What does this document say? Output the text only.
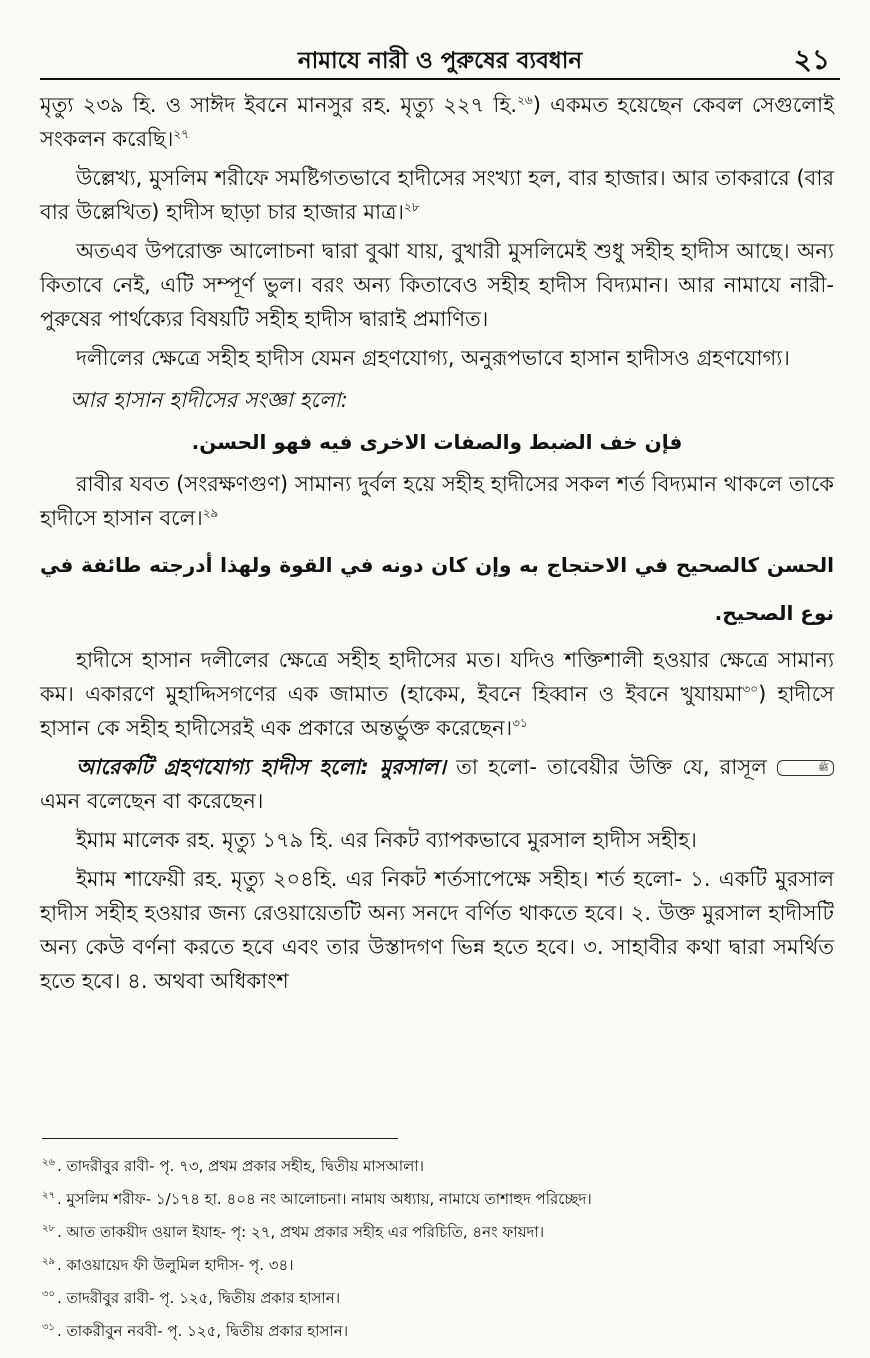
নামাযে নারী ও পুরুষের ব্যবধান	২১

মৃত্যু ২৩৯ হি. ও সাঈদ ইবনে মানসুর রহ. মৃত্যু ২২৭ হি.$^{২৬}$) একমত হয়েছেন কেবল সেগুলোই সংকলন করেছি।$^{২৭}$

উল্লেখ্য, মুসলিম শরীফে সমষ্টিগতভাবে হাদীসের সংখ্যা হল, বার হাজার। আর তাকরারে (বার বার উল্লেখিত) হাদীস ছাড়া চার হাজার মাত্র।$^{২৮}$

অতএব উপরোক্ত আলোচনা দ্বারা বুঝা যায়, বুখারী মুসলিমেই শুধু সহীহ হাদীস আছে। অন্য কিতাবে নেই, এটি সম্পূর্ণ ভুল। বরং অন্য কিতাবেও সহীহ হাদীস বিদ্যমান। আর নামাযে নারী-পুরুষের পার্থক্যের বিষয়টি সহীহ হাদীস দ্বারাই প্রমাণিত।

দলীলের ক্ষেত্রে সহীহ হাদীস যেমন গ্রহণযোগ্য, অনুরূপভাবে হাসান হাদীসও গ্রহণযোগ্য।

আর হাসান হাদীসের সংজ্ঞা হলো:

فإن خف الضبط والصفات الاخرى فيه فهو الحسن.

রাবীর যবত (সংরক্ষণগুণ) সামান্য দুর্বল হয়ে সহীহ হাদীসের সকল শর্ত বিদ্যমান থাকলে তাকে হাদীসে হাসান বলে।$^{২৯}$

الحسن كالصحيح في الاحتجاج به وإن كان دونه في القوة ولهذا أدرجته طائفة في نوع الصحيح.

হাদীসে হাসান দলীলের ক্ষেত্রে সহীহ হাদীসের মত। যদিও শক্তিশালী হওয়ার ক্ষেত্রে সামান্য কম। একারণে মুহাদ্দিসগণের এক জামাত (হাকেম, ইবনে হিব্বান ও ইবনে খুযায়মা$^{৩০}$) হাদীসে হাসান কে সহীহ হাদীসেরই এক প্রকারে অন্তর্ভুক্ত করেছেন।$^{৩১}$

আরেকটি গ্রহণযোগ্য হাদীস হলো: মুরসাল। তা হলো- তাবেয়ীর উক্তি যে, রাসূল	ﷺ এমন বলেছেন বা করেছেন।

ইমাম মালেক রহ. মৃত্যু ১৭৯ হি. এর নিকট ব্যাপকভাবে মুরসাল হাদীস সহীহ।

ইমাম শাফেয়ী রহ. মৃত্যু ২০৪হি. এর নিকট শর্তসাপেক্ষে সহীহ। শর্ত হলো- ১. একটি মুরসাল হাদীস সহীহ হওয়ার জন্য রেওয়ায়েতটি অন্য সনদে বর্ণিত থাকতে হবে। ২. উক্ত মুরসাল হাদীসটি অন্য কেউ বর্ণনা করতে হবে এবং তার উস্তাদগণ ভিন্ন হতে হবে। ৩. সাহাবীর কথা দ্বারা সমর্থিত হতে হবে। ৪. অথবা অধিকাংশ

$^{২৬}$ . তাদরীবুর রাবী- পৃ. ৭৩, প্রথম প্রকার সহীহ, দ্বিতীয় মাসআলা।
$^{২৭}$ . মুসলিম শরীফ- ১/১৭৪ হা. ৪০৪ নং আলোচনা। নামায অধ্যায়, নামাযে তাশাহুদ পরিচ্ছেদ।
$^{২৮}$ . আত তাকয়ীদ ওয়াল ইযাহ- পৃ: ২৭, প্রথম প্রকার সহীহ এর পরিচিতি, ৪নং ফায়দা।
$^{২৯}$ . কাওয়ায়েদ ফী উলুমিল হাদীস- পৃ. ৩৪।
$^{৩০}$ . তাদরীবুর রাবী- পৃ. ১২৫, দ্বিতীয় প্রকার হাসান।
$^{৩১}$ . তাকরীবুন নববী- পৃ. ১২৫, দ্বিতীয় প্রকার হাসান।
